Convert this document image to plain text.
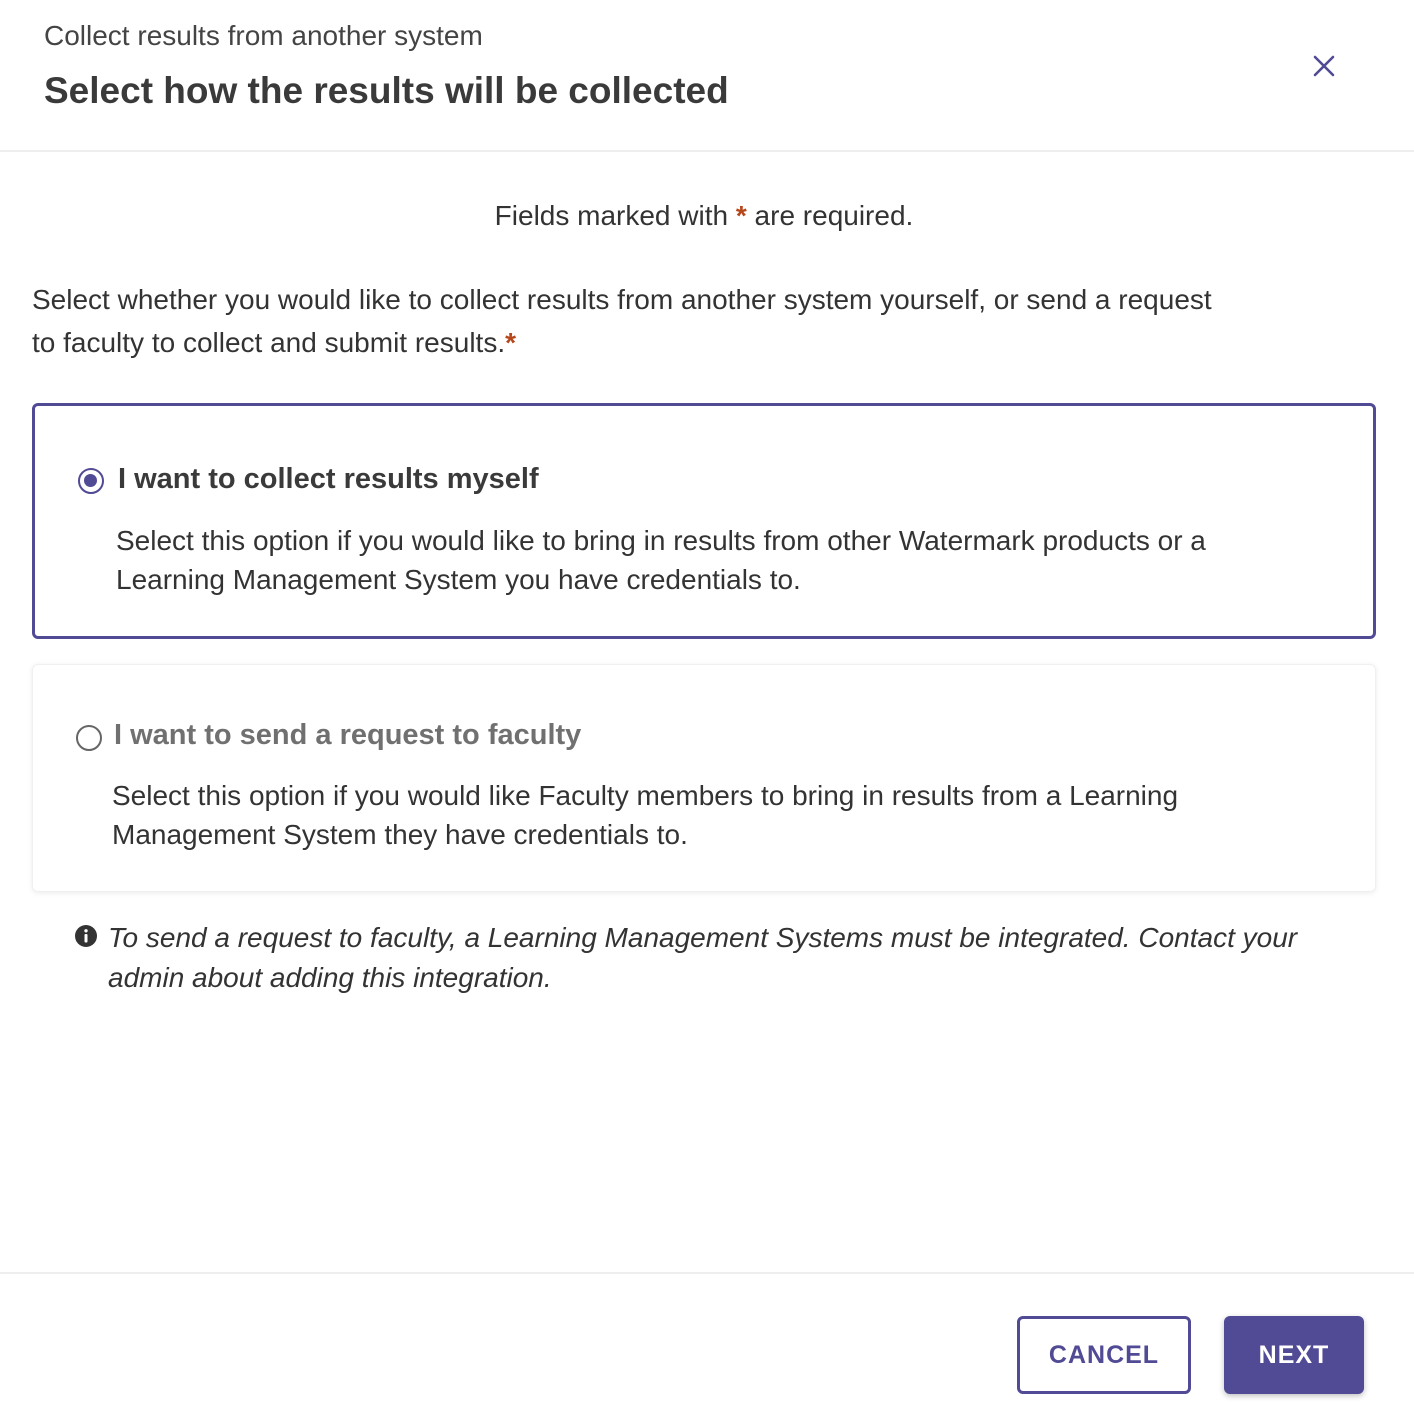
Collect results from another system
Select how the results will be collected
Fields marked with * are required.
Select whether you would like to collect results from another system yourself, or send a request to faculty to collect and submit results.*
I want to collect results myself
Select this option if you would like to bring in results from other Watermark products or a Learning Management System you have credentials to.
I want to send a request to faculty
Select this option if you would like Faculty members to bring in results from a Learning Management System they have credentials to.
To send a request to faculty, a Learning Management Systems must be integrated. Contact your admin about adding this integration.
CANCEL	NEXT
